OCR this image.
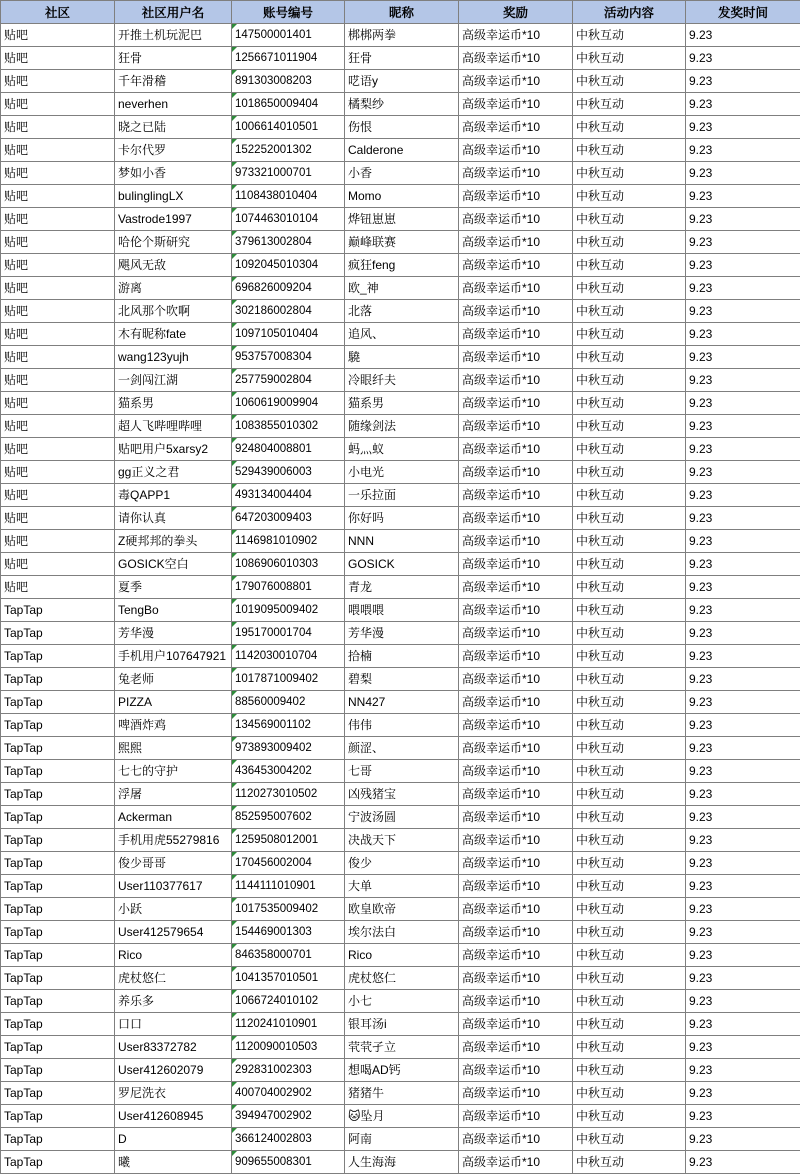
社区	社区用户名	账号编号	昵称	奖励	活动内容	发奖时间
贴吧	开推土机玩泥巴	147500001401	梆梆两拳	高级幸运币*10	中秋互动	9.23
贴吧	狂骨	1256671011904	狂骨	高级幸运币*10	中秋互动	9.23
贴吧	千年滑稽	891303008203	呓语y	高级幸运币*10	中秋互动	9.23
贴吧	neverhen	1018650009404	橘梨纱	高级幸运币*10	中秋互动	9.23
贴吧	晓之已陆	1006614010501	伤恨	高级幸运币*10	中秋互动	9.23
贴吧	卡尔代罗	152252001302	Calderone	高级幸运币*10	中秋互动	9.23
贴吧	梦如小香	973321000701	小香	高级幸运币*10	中秋互动	9.23
贴吧	bulinglingLX	1108438010404	Momo	高级幸运币*10	中秋互动	9.23
贴吧	Vastrode1997	1074463010104	烨钮崽崽	高级幸运币*10	中秋互动	9.23
贴吧	哈伦个斯研究	379613002804	巅峰联赛	高级幸运币*10	中秋互动	9.23
贴吧	飓风无敌	1092045010304	疯狂feng	高级幸运币*10	中秋互动	9.23
贴吧	游离	696826009204	欧_神	高级幸运币*10	中秋互动	9.23
贴吧	北风那个吹啊	302186002804	北落	高级幸运币*10	中秋互动	9.23
贴吧	木有昵称fate	1097105010404	追风、	高级幸运币*10	中秋互动	9.23
贴吧	wang123yujh	953757008304	驍	高级幸运币*10	中秋互动	9.23
贴吧	一剑闯江湖	257759002804	冷眼纤夫	高级幸运币*10	中秋互动	9.23
贴吧	猫系男	1060619009904	猫系男	高级幸运币*10	中秋互动	9.23
贴吧	超人飞哔哩哔哩	1083855010302	随缘剑法	高级幸运币*10	中秋互动	9.23
贴吧	贴吧用户5xarsy2	924804008801	蚂灬蚁	高级幸运币*10	中秋互动	9.23
贴吧	gg正义之君	529439006003	小电光	高级幸运币*10	中秋互动	9.23
贴吧	毒QAPP1	493134004404	一乐拉面	高级幸运币*10	中秋互动	9.23
贴吧	请你认真	647203009403	你好吗	高级幸运币*10	中秋互动	9.23
贴吧	Z硬邦邦的拳头	1146981010902	NNN	高级幸运币*10	中秋互动	9.23
贴吧	GOSICK空白	1086906010303	GOSICK	高级幸运币*10	中秋互动	9.23
贴吧	夏季	179076008801	青龙	高级幸运币*10	中秋互动	9.23
TapTap	TengBo	1019095009402	喂喂喂	高级幸运币*10	中秋互动	9.23
TapTap	芳华漫	195170001704	芳华漫	高级幸运币*10	中秋互动	9.23
TapTap	手机用户107647921	1142030010704	拾楠	高级幸运币*10	中秋互动	9.23
TapTap	兔老师	1017871009402	碧梨	高级幸运币*10	中秋互动	9.23
TapTap	PIZZA	88560009402	NN427	高级幸运币*10	中秋互动	9.23
TapTap	啤酒炸鸡	134569001102	伟伟	高级幸运币*10	中秋互动	9.23
TapTap	熙熙	973893009402	颜涩、	高级幸运币*10	中秋互动	9.23
TapTap	七七的守护	436453004202	七哥	高级幸运币*10	中秋互动	9.23
TapTap	浮屠	1120273010502	凶残猪宝	高级幸运币*10	中秋互动	9.23
TapTap	Ackerman	852595007602	宁波汤圆	高级幸运币*10	中秋互动	9.23
TapTap	手机用虎55279816	1259508012001	决战天下	高级幸运币*10	中秋互动	9.23
TapTap	俊少哥哥	170456002004	俊少	高级幸运币*10	中秋互动	9.23
TapTap	User110377617	1144111010901	大单	高级幸运币*10	中秋互动	9.23
TapTap	小跃	1017535009402	欧皇欧帝	高级幸运币*10	中秋互动	9.23
TapTap	User412579654	154469001303	埃尔法白	高级幸运币*10	中秋互动	9.23
TapTap	Rico	846358000701	Rico	高级幸运币*10	中秋互动	9.23
TapTap	虎杖悠仁	1041357010501	虎杖悠仁	高级幸运币*10	中秋互动	9.23
TapTap	养乐多	1066724010102	小七	高级幸运币*10	中秋互动	9.23
TapTap	口口	1120241010901	银耳汤i	高级幸运币*10	中秋互动	9.23
TapTap	User83372782	1120090010503	茕茕孑立	高级幸运币*10	中秋互动	9.23
TapTap	User412602079	292831002303	想喝AD钙	高级幸运币*10	中秋互动	9.23
TapTap	罗尼洗衣	400704002902	猪猪牛	高级幸运币*10	中秋互动	9.23
TapTap	User412608945	394947002902	🐱坠月	高级幸运币*10	中秋互动	9.23
TapTap	D	366124002803	阿南	高级幸运币*10	中秋互动	9.23
TapTap	曦	909655008301	人生海海	高级幸运币*10	中秋互动	9.23
